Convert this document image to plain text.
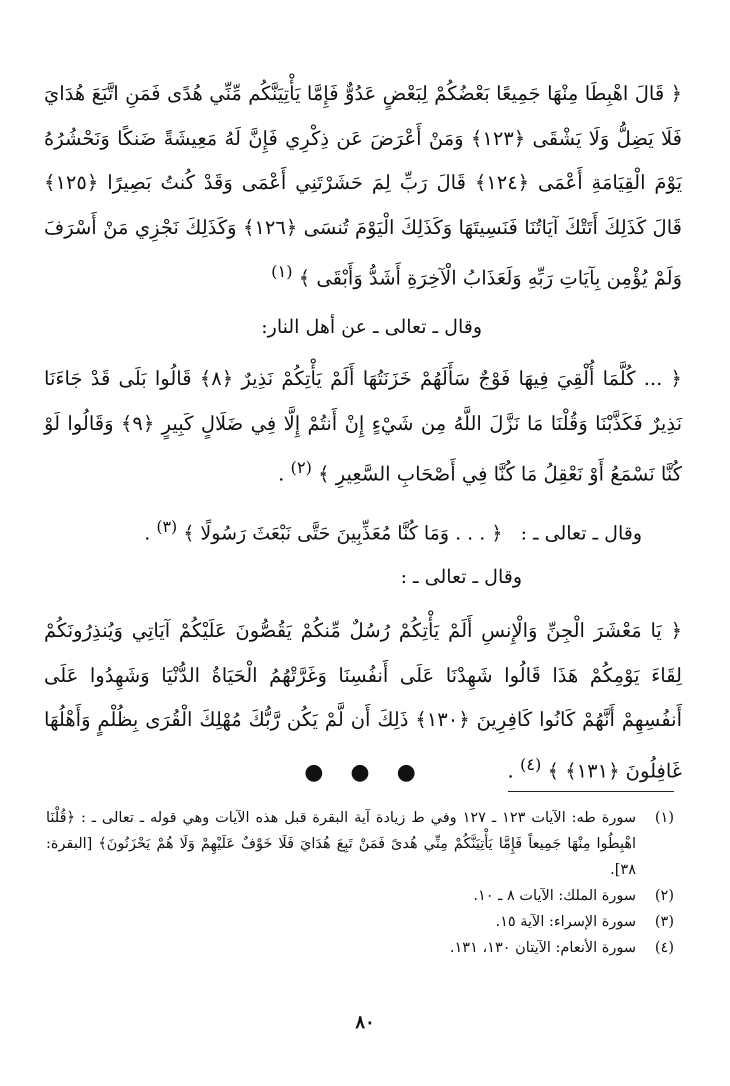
﴿ قَالَ اهْبِطَا مِنْهَا جَمِيعًا بَعْضُكُمْ لِبَعْضٍ عَدُوٌّ فَإِمَّا يَأْتِيَنَّكُم مِّنِّي هُدًى فَمَنِ اتَّبَعَ هُدَايَ فَلَا يَضِلُّ وَلَا يَشْقَى ﴿١٢٣﴾ وَمَنْ أَعْرَضَ عَن ذِكْرِي فَإِنَّ لَهُ مَعِيشَةً ضَنكًا وَنَحْشُرُهُ يَوْمَ الْقِيَامَةِ أَعْمَى ﴿١٢٤﴾ قَالَ رَبِّ لِمَ حَشَرْتَنِي أَعْمَى وَقَدْ كُنتُ بَصِيرًا ﴿١٢٥﴾ قَالَ كَذَلِكَ أَتَتْكَ آيَاتُنَا فَنَسِيتَهَا وَكَذَلِكَ الْيَوْمَ تُنسَى ﴿١٢٦﴾ وَكَذَلِكَ نَجْزِي مَنْ أَسْرَفَ وَلَمْ يُؤْمِن بِآيَاتِ رَبِّهِ وَلَعَذَابُ الْآخِرَةِ أَشَدُّ وَأَبْقَى ﴾ $^{(١)}$

وقال ـ تعالى ـ عن أهل النار:

﴿ ... كُلَّمَا أُلْقِيَ فِيهَا فَوْجٌ سَأَلَهُمْ خَزَنَتُهَا أَلَمْ يَأْتِكُمْ نَذِيرٌ ﴿٨﴾ قَالُوا بَلَى قَدْ جَاءَنَا نَذِيرٌ فَكَذَّبْنَا وَقُلْنَا مَا نَزَّلَ اللَّهُ مِن شَيْءٍ إِنْ أَنتُمْ إِلَّا فِي ضَلَالٍ كَبِيرٍ ﴿٩﴾ وَقَالُوا لَوْ كُنَّا نَسْمَعُ أَوْ نَعْقِلُ مَا كُنَّا فِي أَصْحَابِ السَّعِيرِ ﴾ $^{(٢)}$ .

وقال ـ تعالى ـ :   ﴿ . . . وَمَا كُنَّا مُعَذِّبِينَ حَتَّى نَبْعَثَ رَسُولًا ﴾ $^{(٣)}$ .

وقال ـ تعالى ـ :

﴿ يَا مَعْشَرَ الْجِنِّ وَالْإِنسِ أَلَمْ يَأْتِكُمْ رُسُلٌ مِّنكُمْ يَقُصُّونَ عَلَيْكُمْ آيَاتِي وَيُنذِرُونَكُمْ لِقَاءَ يَوْمِكُمْ هَذَا قَالُوا شَهِدْنَا عَلَى أَنفُسِنَا وَغَرَّتْهُمُ الْحَيَاةُ الدُّنْيَا وَشَهِدُوا عَلَى أَنفُسِهِمْ أَنَّهُمْ كَانُوا كَافِرِينَ ﴿١٣٠﴾ ذَلِكَ أَن لَّمْ يَكُن رَّبُّكَ مُهْلِكَ الْقُرَى بِظُلْمٍ وَأَهْلُهَا غَافِلُونَ ﴿١٣١﴾ ﴾ $^{(٤)}$ .

● ● ●
(١)
سورة طه: الآيات ١٢٣ ـ ١٢٧ وفي ط زيادة آية البقرة قبل هذه الآيات وهي قوله ـ تعالى ـ : ﴿قُلْنَا اهْبِطُوا مِنْهَا جَمِيعاً فَإِمَّا يَأْتِيَنَّكُمْ مِنِّي هُدىً فَمَنْ تَبِعَ هُدَايَ فَلَا خَوْفٌ عَلَيْهِمْ وَلَا هُمْ يَحْزَنُونَ﴾ [البقرة: ٣٨].
(٢)
سورة الملك: الآيات ٨ ـ ١٠.
(٣)
سورة الإسراء: الآية ١٥.
(٤)
سورة الأنعام: الآيتان ١٣٠، ١٣١.
٨٠
